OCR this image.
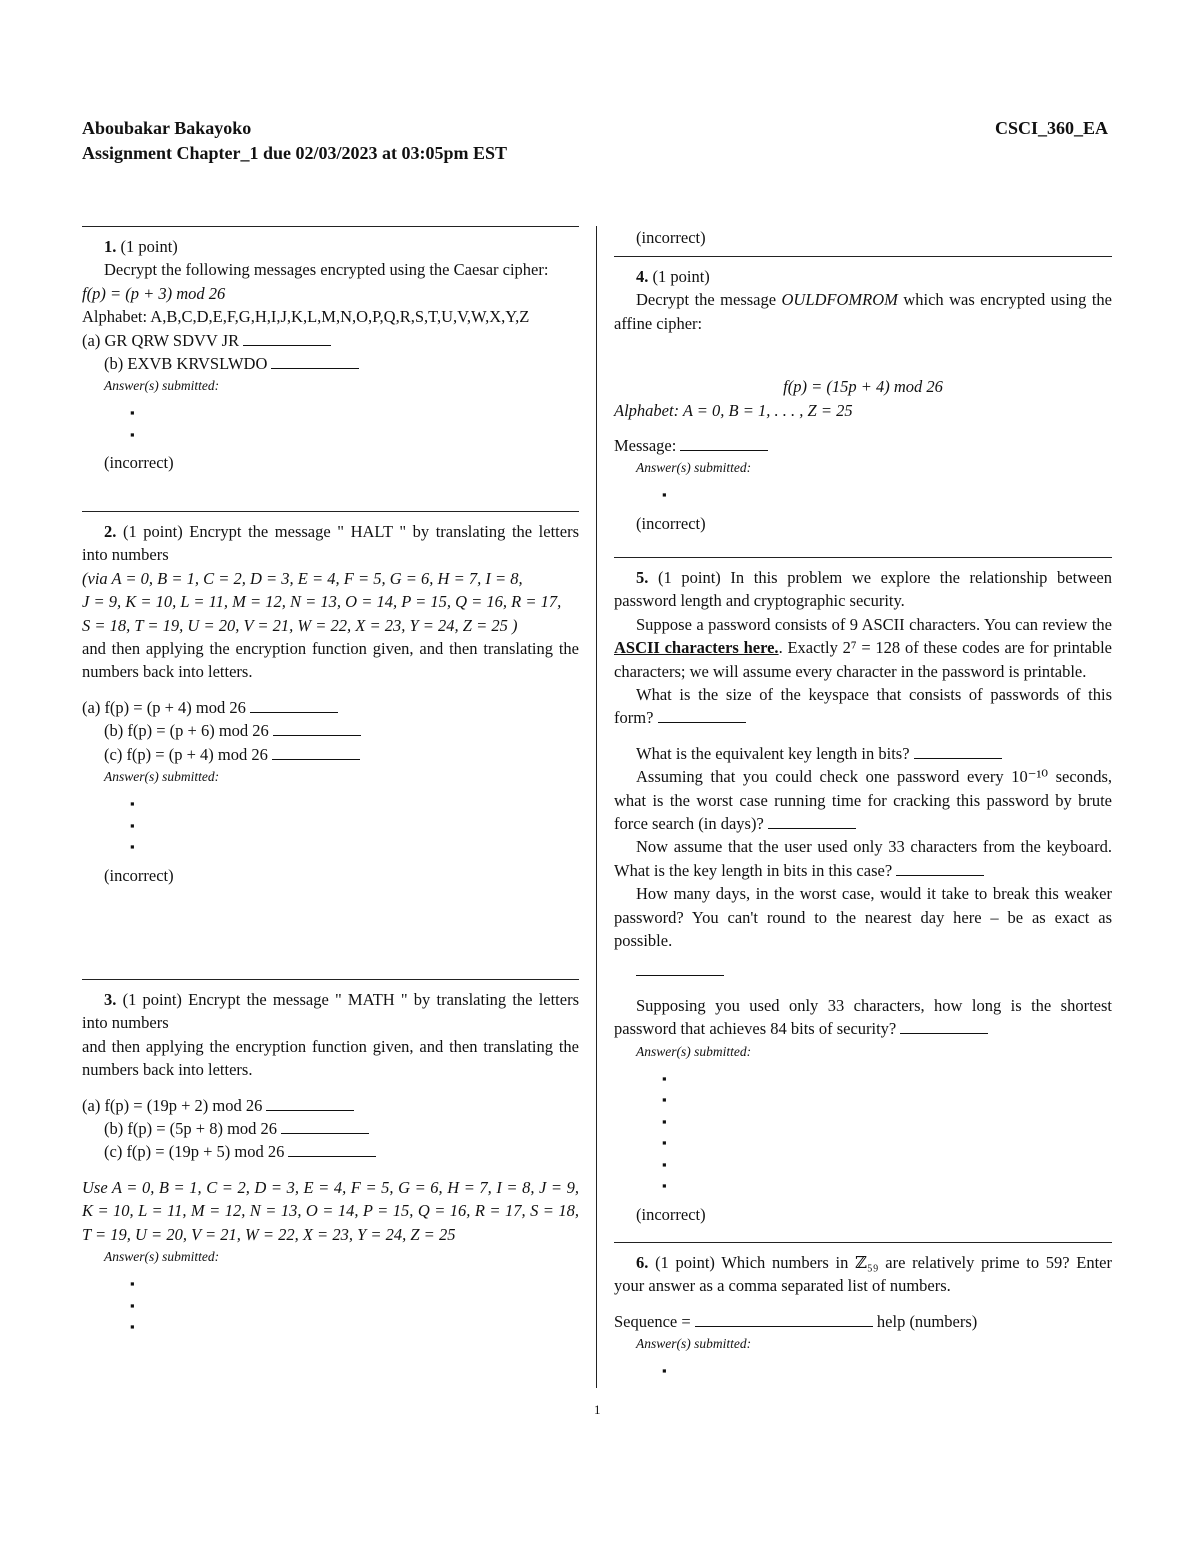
Aboubakar Bakayoko	CSCI_360_EA
Assignment Chapter_1 due 02/03/2023 at 03:05pm EST

1. (1 point)

Decrypt the following messages encrypted using the Caesar cipher:

f(p) = (p + 3) mod 26

Alphabet: A,B,C,D,E,F,G,H,I,J,K,L,M,N,O,P,Q,R,S,T,U,V,W,X,Y,Z

(a) GR QRW SDVV JR

(b) EXVB KRVSLWDO

Answer(s) submitted:
▪
▪

(incorrect)

2. (1 point) Encrypt the message " HALT " by translating the letters into numbers

(via A = 0, B = 1, C = 2, D = 3, E = 4, F = 5, G = 6, H = 7, I = 8,

J = 9, K = 10, L = 11, M = 12, N = 13, O = 14, P = 15, Q = 16, R = 17,

S = 18, T = 19, U = 20, V = 21, W = 22, X = 23, Y = 24, Z = 25 )

and then applying the encryption function given, and then translating the numbers back into letters.

(a) f(p) = (p + 4) mod 26

(b) f(p) = (p + 6) mod 26

(c) f(p) = (p + 4) mod 26

Answer(s) submitted:
▪
▪
▪

(incorrect)

3. (1 point) Encrypt the message " MATH " by translating the letters into numbers

and then applying the encryption function given, and then translating the numbers back into letters.

(a) f(p) = (19p + 2) mod 26

(b) f(p) = (5p + 8) mod 26

(c) f(p) = (19p + 5) mod 26

Use A = 0, B = 1, C = 2, D = 3, E = 4, F = 5, G = 6, H = 7, I = 8, J = 9, K = 10, L = 11, M = 12, N = 13, O = 14, P = 15, Q = 16, R = 17, S = 18, T = 19, U = 20, V = 21, W = 22, X = 23, Y = 24, Z = 25

Answer(s) submitted:
▪
▪
▪

(incorrect)

4. (1 point)

Decrypt the message OULDFOMROM which was encrypted using the affine cipher:

f(p) = (15p + 4) mod 26

Alphabet: A = 0, B = 1, . . . , Z = 25

Message:

Answer(s) submitted:
▪

(incorrect)

5. (1 point) In this problem we explore the relationship between password length and cryptographic security.

Suppose a password consists of 9 ASCII characters. You can review the ASCII characters here.. Exactly 2⁷ = 128 of these codes are for printable characters; we will assume every character in the password is printable.

What is the size of the keyspace that consists of passwords of this form?

What is the equivalent key length in bits?

Assuming that you could check one password every 10⁻¹⁰ seconds, what is the worst case running time for cracking this password by brute force search (in days)?

Now assume that the user used only 33 characters from the keyboard. What is the key length in bits in this case?

How many days, in the worst case, would it take to break this weaker password? You can't round to the nearest day here – be as exact as possible.

Supposing you used only 33 characters, how long is the shortest password that achieves 84 bits of security?

Answer(s) submitted:
▪
▪
▪
▪
▪
▪

(incorrect)

6. (1 point) Which numbers in ℤ₅₉ are relatively prime to 59? Enter your answer as a comma separated list of numbers.

Sequence =	help (numbers)

Answer(s) submitted:
▪
1
